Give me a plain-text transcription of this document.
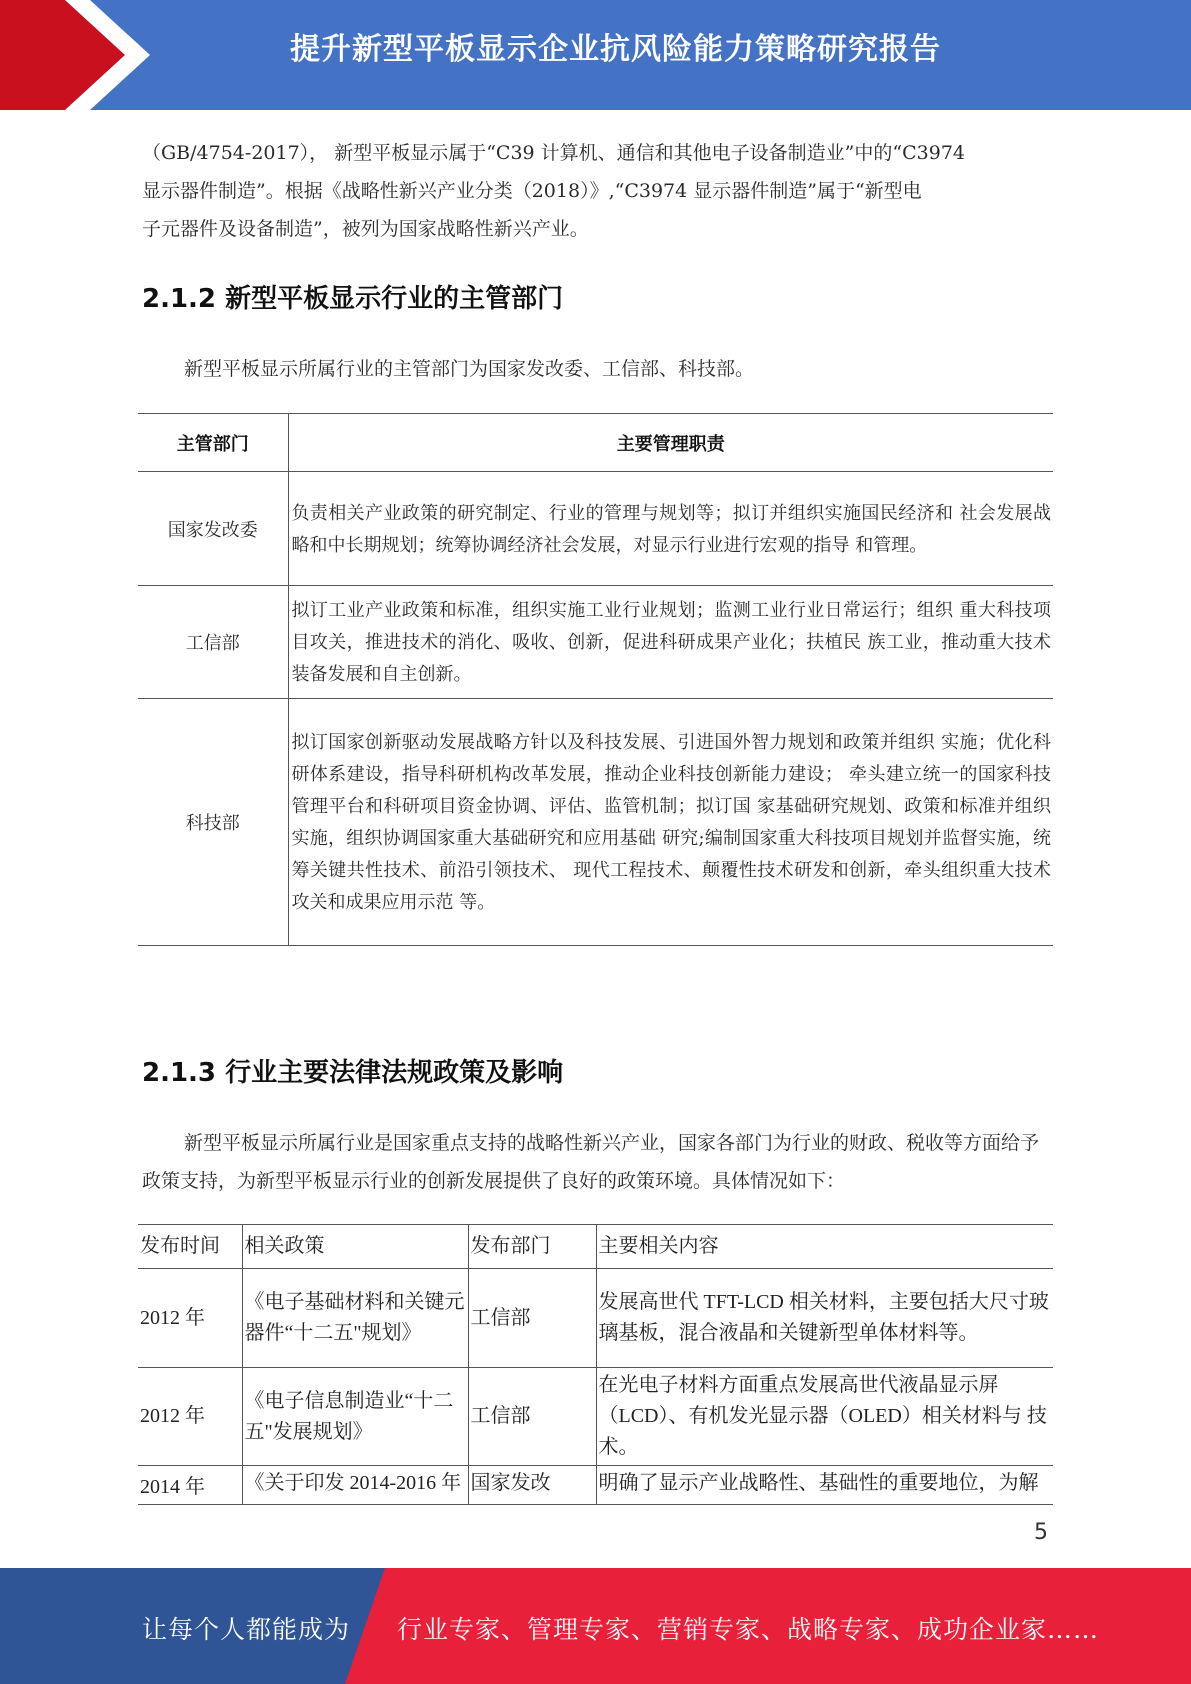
提升新型平板显示企业抗风险能力策略研究报告
（GB/4754-2017）， 新型平板显示属于“C39 计算机、通信和其他电子设备制造业”中的“C3974
显示器件制造”。根据《战略性新兴产业分类（2018）》,“C3974 显示器件制造”属于“新型电
子元器件及设备制造”，被列为国家战略性新兴产业。
2.1.2 新型平板显示行业的主管部门
新型平板显示所属行业的主管部门为国家发改委、工信部、科技部。
主管部门	主要管理职责
国家发改委	负责相关产业政策的研究制定、行业的管理与规划等；拟订并组织实施国民经济和 社会发展战略和中长期规划；统筹协调经济社会发展，对显示行业进行宏观的指导 和管理。
工信部	拟订工业产业政策和标准，组织实施工业行业规划；监测工业行业日常运行；组织 重大科技项目攻关，推进技术的消化、吸收、创新，促进科研成果产业化；扶植民 族工业，推动重大技术装备发展和自主创新。
科技部	拟订国家创新驱动发展战略方针以及科技发展、引进国外智力规划和政策并组织 实施；优化科研体系建设，指导科研机构改革发展，推动企业科技创新能力建设； 牵头建立统一的国家科技管理平台和科研项目资金协调、评估、监管机制；拟订国 家基础研究规划、政策和标准并组织实施，组织协调国家重大基础研究和应用基础 研究;编制国家重大科技项目规划并监督实施，统筹关键共性技术、前沿引领技术、 现代工程技术、颠覆性技术研发和创新，牵头组织重大技术攻关和成果应用示范 等。
2.1.3 行业主要法律法规政策及影响
新型平板显示所属行业是国家重点支持的战略性新兴产业，国家各部门为行业的财政、税收等方面给予政策支持，为新型平板显示行业的创新发展提供了良好的政策环境。具体情况如下：
发布时间	相关政策	发布部门	主要相关内容
2012 年	《电子基础材料和关键元器件“十二五"规划》	工信部	发展高世代 TFT-LCD 相关材料，主要包括大尺寸玻璃基板，混合液晶和关键新型单体材料等。
2012 年	《电子信息制造业“十二五"发展规划》	工信部	在光电子材料方面重点发展高世代液晶显示屏（LCD）、有机发光显示器（OLED）相关材料与 技术。
2014 年	《关于印发 2014-2016 年	国家发改	明确了显示产业战略性、基础性的重要地位，为解
5
让每个人都能成为 行业专家、管理专家、营销专家、战略专家、成功企业家……
